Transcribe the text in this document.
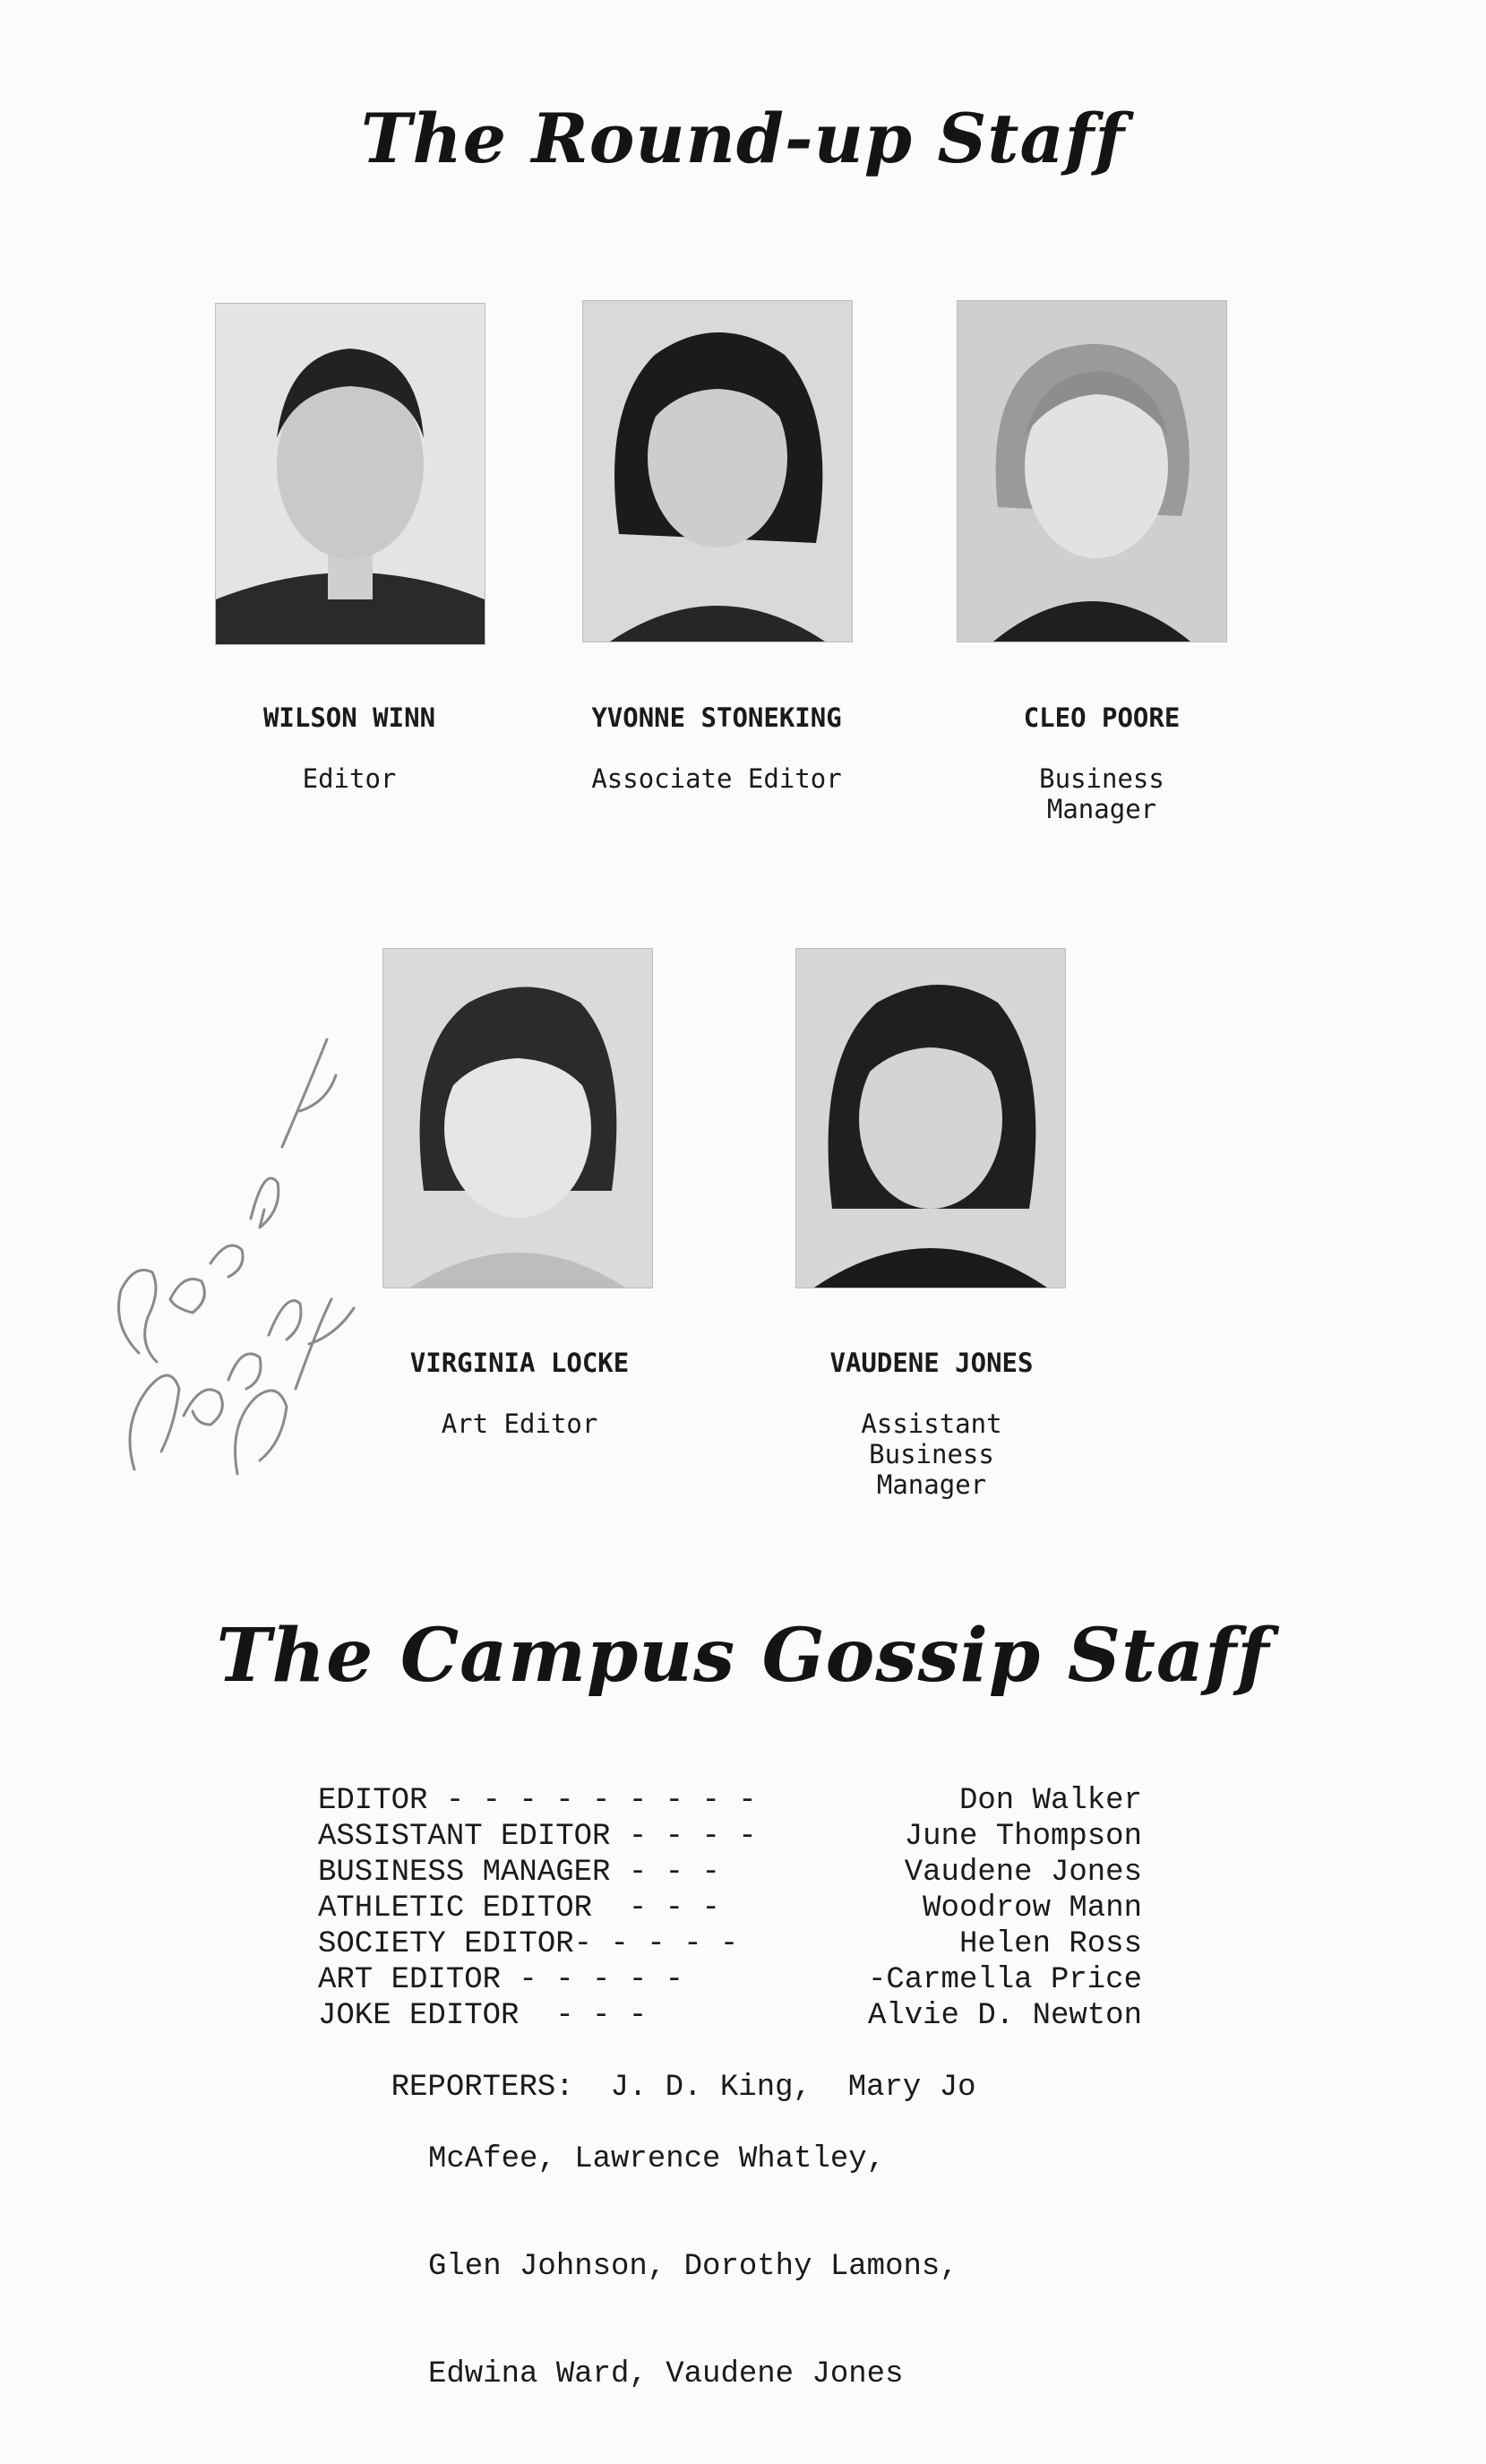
The Round-up Staff

WILSON WINN

Editor

YVONNE STONEKING

Associate Editor

CLEO POORE

Business
Manager

VIRGINIA LOCKE

Art Editor

VAUDENE JONES

Assistant
Business
Manager

The Campus Gossip Staff
EDITOR - - - - - - - - -	Don Walker
ASSISTANT EDITOR - - - -	June Thompson
BUSINESS MANAGER - - -	Vaudene Jones
ATHLETIC EDITOR  - - -	Woodrow Mann
SOCIETY EDITOR- - - - -	Helen Ross
ART EDITOR - - - - -	-Carmella Price
JOKE EDITOR  - - -	Alvie D. Newton

REPORTERS:  J. D. King,  Mary Jo

McAfee, Lawrence Whatley,

Glen Johnson, Dorothy Lamons,

Edwina Ward, Vaudene Jones
